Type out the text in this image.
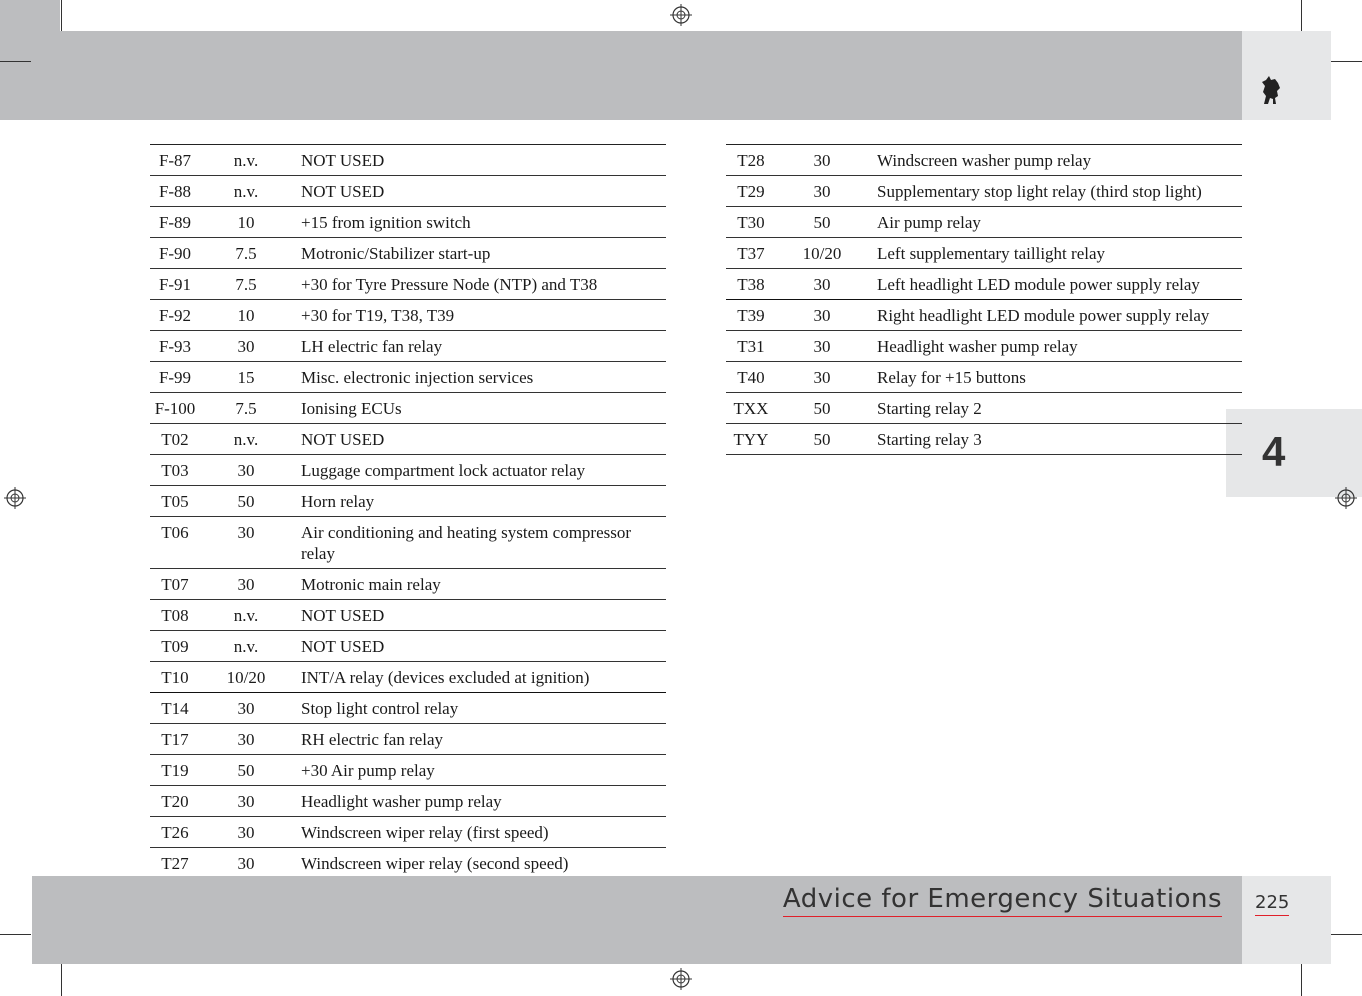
4
F-87	n.v.	NOT USED
F-88	n.v.	NOT USED
F-89	10	+15 from ignition switch
F-90	7.5	Motronic/Stabilizer start-up
F-91	7.5	+30 for Tyre Pressure Node (NTP) and T38
F-92	10	+30 for T19, T38, T39
F-93	30	LH electric fan relay
F-99	15	Misc. electronic injection services
F-100	7.5	Ionising ECUs
T02	n.v.	NOT USED
T03	30	Luggage compartment lock actuator relay
T05	50	Horn relay
T06	30	Air conditioning and heating system compressor relay
T07	30	Motronic main relay
T08	n.v.	NOT USED
T09	n.v.	NOT USED
T10	10/20	INT/A relay (devices excluded at ignition)
T14	30	Stop light control relay
T17	30	RH electric fan relay
T19	50	+30 Air pump relay
T20	30	Headlight washer pump relay
T26	30	Windscreen wiper relay (first speed)
T27	30	Windscreen wiper relay (second speed)
T28	30	Windscreen washer pump relay
T29	30	Supplementary stop light relay (third stop light)
T30	50	Air pump relay
T37	10/20	Left supplementary taillight relay
T38	30	Left headlight LED module power supply relay
T39	30	Right headlight LED module power supply relay
T31	30	Headlight washer pump relay
T40	30	Relay for +15 buttons
TXX	50	Starting relay 2
TYY	50	Starting relay 3
Advice for Emergency Situations 225
